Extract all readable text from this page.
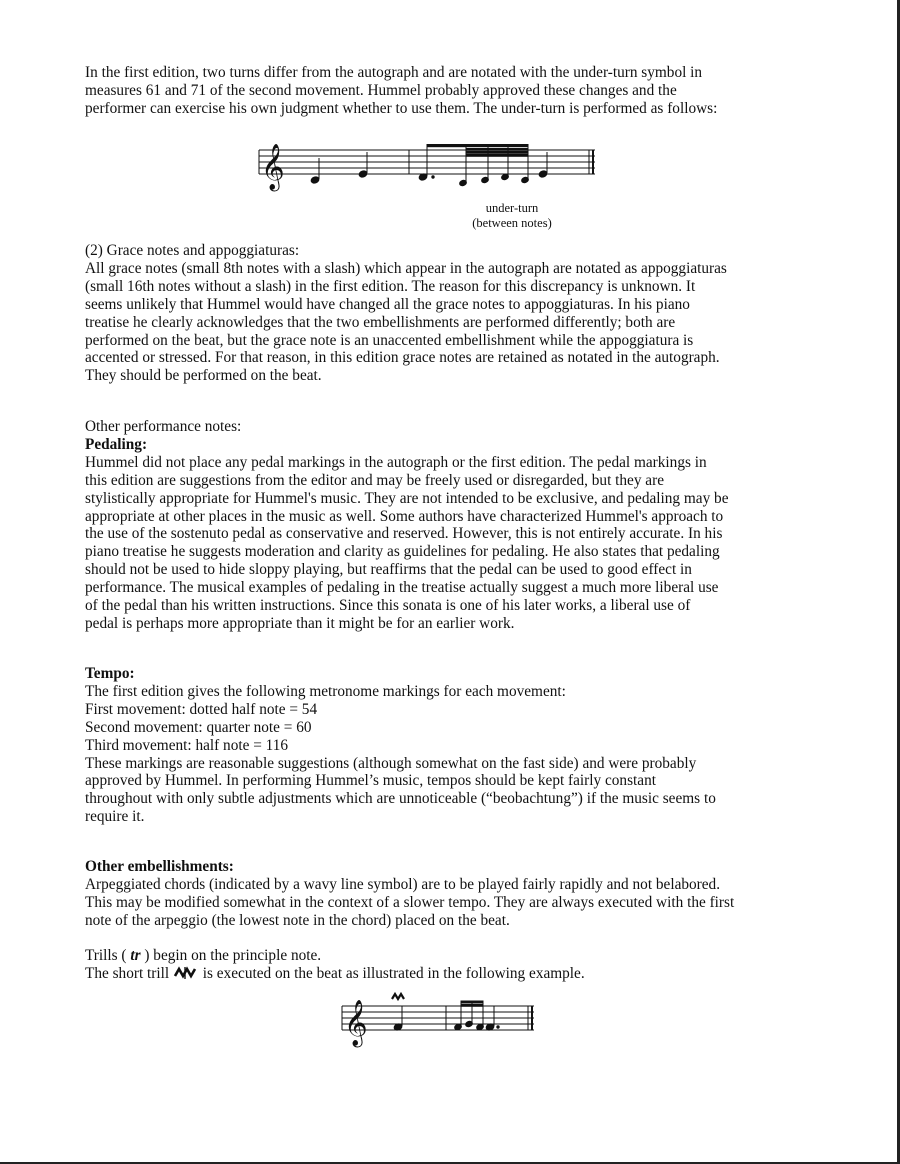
In the first edition, two turns differ from the autograph and are notated with the under-turn symbol in

measures 61 and 71 of the second movement. Hummel probably approved these changes and the

performer can exercise his own judgment whether to use them. The under-turn is performed as follows:

𝄞
under-turn
(between notes)

(2) Grace notes and appoggiaturas:

All grace notes (small 8th notes with a slash) which appear in the autograph are notated as appoggiaturas

(small 16th notes without a slash) in the first edition. The reason for this discrepancy is unknown. It

seems unlikely that Hummel would have changed all the grace notes to appoggiaturas. In his piano

treatise he clearly acknowledges that the two embellishments are performed differently; both are

performed on the beat, but the grace note is an unaccented embellishment while the appoggiatura is

accented or stressed. For that reason, in this edition grace notes are retained as notated in the autograph.

They should be performed on the beat.

Other performance notes:

Pedaling:

Hummel did not place any pedal markings in the autograph or the first edition. The pedal markings in

this edition are suggestions from the editor and may be freely used or disregarded, but they are

stylistically appropriate for Hummel's music. They are not intended to be exclusive, and pedaling may be

appropriate at other places in the music as well. Some authors have characterized Hummel's approach to

the use of the sostenuto pedal as conservative and reserved. However, this is not entirely accurate. In his

piano treatise he suggests moderation and clarity as guidelines for pedaling. He also states that pedaling

should not be used to hide sloppy playing, but reaffirms that the pedal can be used to good effect in

performance. The musical examples of pedaling in the treatise actually suggest a much more liberal use

of the pedal than his written instructions. Since this sonata is one of his later works, a liberal use of

pedal is perhaps more appropriate than it might be for an earlier work.

Tempo:

The first edition gives the following metronome markings for each movement:

First movement: dotted half note = 54

Second movement: quarter note = 60

Third movement: half note = 116

These markings are reasonable suggestions (although somewhat on the fast side) and were probably

approved by Hummel. In performing Hummel’s music, tempos should be kept fairly constant

throughout with only subtle adjustments which are unnoticeable (“beobachtung”) if the music seems to

require it.

Other embellishments:

Arpeggiated chords (indicated by a wavy line symbol) are to be played fairly rapidly and not belabored.

This may be modified somewhat in the context of a slower tempo. They are always executed with the first

note of the arpeggio (the lowest note in the chord) placed on the beat.

Trills ( tr ) begin on the principle note.

The short trill is executed on the beat as illustrated in the following example.

𝄞
